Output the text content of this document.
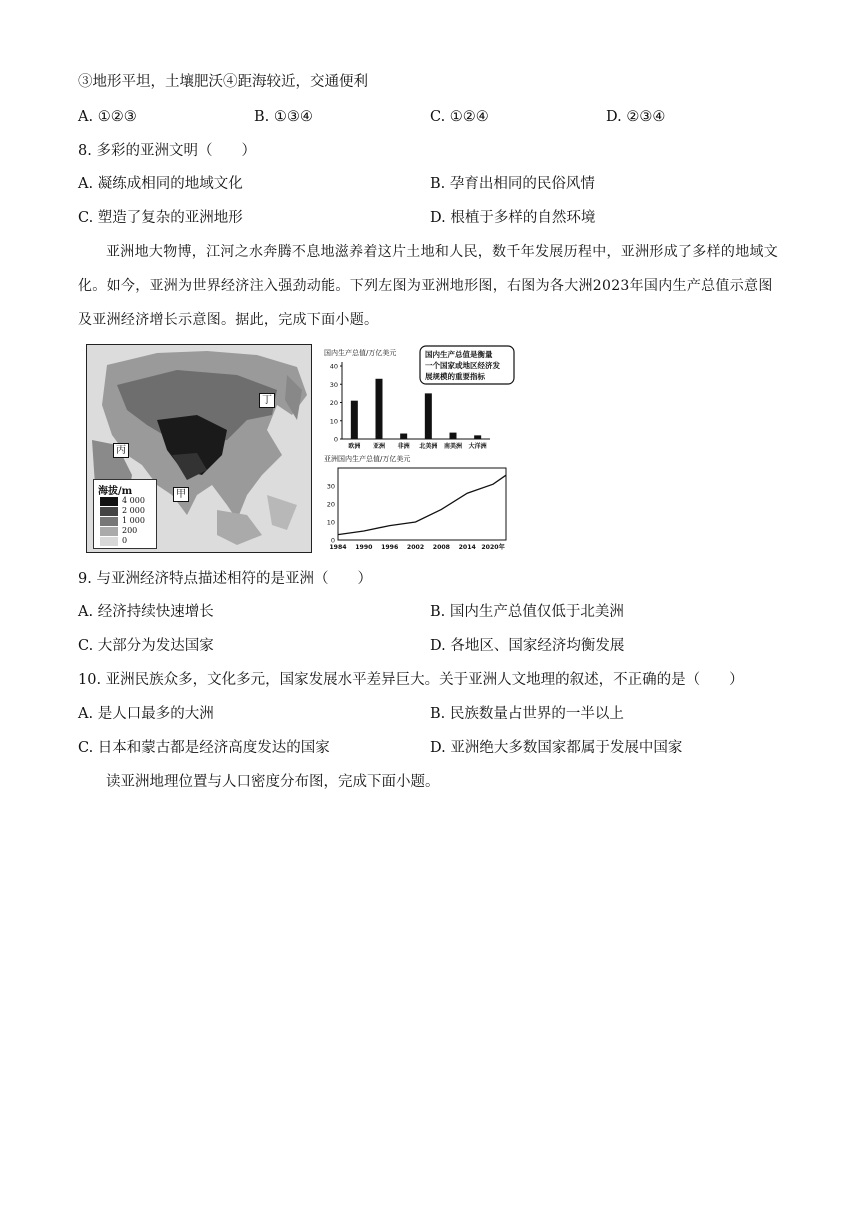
③地形平坦，土壤肥沃④距海较近，交通便利
A. ①②③	B. ①③④	C. ①②④	D. ②③④
8. 多彩的亚洲文明（　　）
A. 凝练成相同的地域文化	B. 孕育出相同的民俗风情
C. 塑造了复杂的亚洲地形	D. 根植于多样的自然环境
亚洲地大物博，江河之水奔腾不息地滋养着这片土地和人民，数千年发展历程中，亚洲形成了多样的地域文化。如今，亚洲为世界经济注入强劲动能。下列左图为亚洲地形图，右图为各大洲2023年国内生产总值示意图及亚洲经济增长示意图。据此，完成下面小题。
丁
丙
甲
海拔/m
4 000
2 000
1 000
200
0
国内生产总值/万亿美元	国内生产总值是衡量
一个国家或地区经济发
展规模的重要指标
0
10
20
30
40
欧洲 亚洲 非洲 北美洲 南美洲 大洋洲
亚洲国内生产总值/万亿美元
0
10
20
30
1984 1990 1996 2002 2008 2014 2020年
9. 与亚洲经济特点描述相符的是亚洲（　　）
A. 经济持续快速增长	B. 国内生产总值仅低于北美洲
C. 大部分为发达国家	D. 各地区、国家经济均衡发展
10. 亚洲民族众多，文化多元，国家发展水平差异巨大。关于亚洲人文地理的叙述，不正确的是（　　）
A. 是人口最多的大洲	B. 民族数量占世界的一半以上
C. 日本和蒙古都是经济高度发达的国家	D. 亚洲绝大多数国家都属于发展中国家
读亚洲地理位置与人口密度分布图，完成下面小题。
